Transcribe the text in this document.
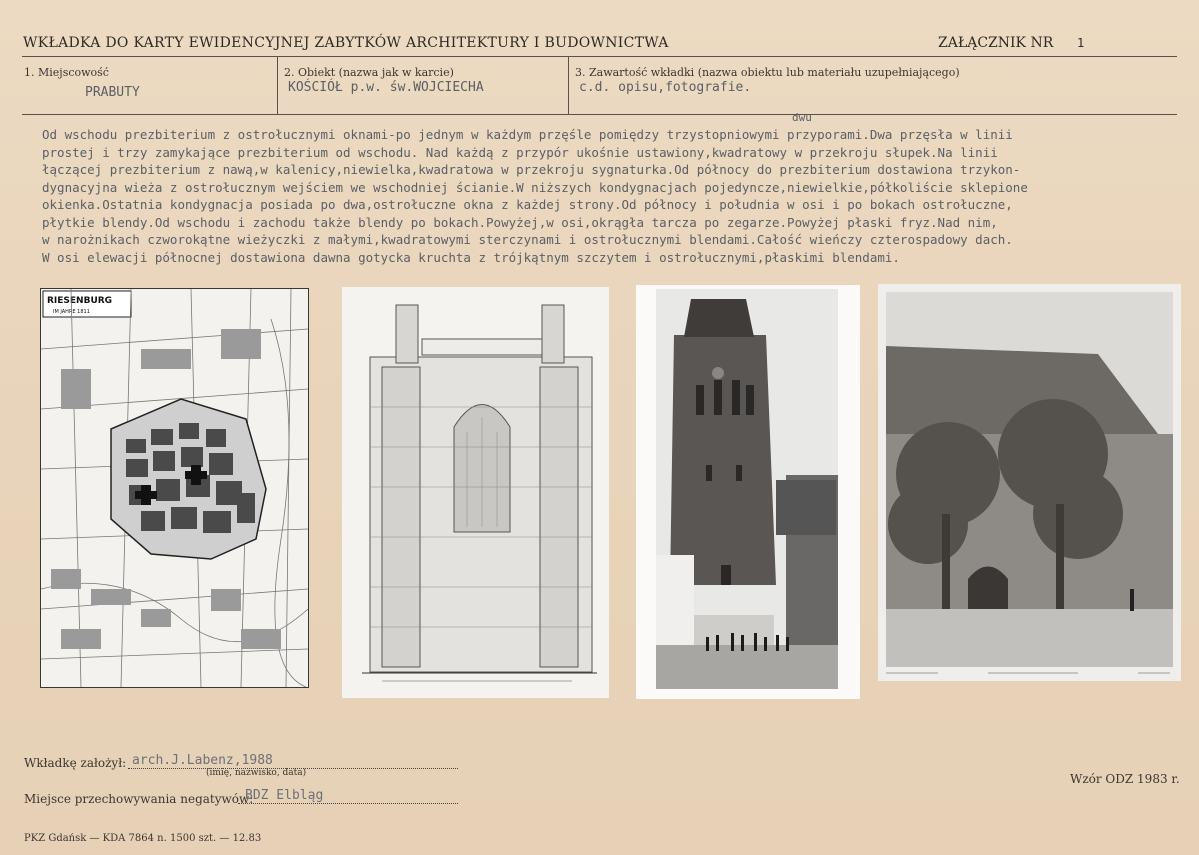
WKŁADKA DO KARTY EWIDENCYJNEJ ZABYTKÓW ARCHITEKTURY I BUDOWNICTWA	ZAŁĄCZNIK NR 1
1. Miejscowość
PRABUTY
2. Obiekt (nazwa jak w karcie)
KOŚCIÓŁ p.w. św.WOJCIECHA
3. Zawartość wkładki (nazwa obiektu lub materiału uzupełniającego)
c.d. opisu,fotografie.
dwu
Od wschodu prezbiterium z ostrołucznymi oknami-po jednym w każdym przęśle pomiędzy trzystopniowymi przyporami.Dwa przęsła w linii
prostej i trzy zamykające prezbiterium od wschodu. Nad każdą z przypór ukośnie ustawiony,kwadratowy w przekroju słupek.Na linii
łączącej prezbiterium z nawą,w kalenicy,niewielka,kwadratowa w przekroju sygnaturka.Od północy do prezbiterium dostawiona trzykon-
dygnacyjna wieża z ostrołucznym wejściem we wschodniej ścianie.W niższych kondygnacjach pojedyncze,niewielkie,półkoliście sklepione
okienka.Ostatnia kondygnacja posiada po dwa,ostrołuczne okna z każdej strony.Od północy i południa w osi i po bokach ostrołuczne,
płytkie blendy.Od wschodu i zachodu także blendy po bokach.Powyżej,w osi,okrągła tarcza po zegarze.Powyżej płaski fryz.Nad nim,
w narożnikach czworokątne wieżyczki z małymi,kwadratowymi sterczynami i ostrołucznymi blendami.Całość wieńczy czterospadowy dach.
W osi elewacji północnej dostawiona dawna gotycka kruchta z trójkątnym szczytem i ostrołucznymi,płaskimi blendami.
RIESENBURG
IM JAHRE 1811
Wkładkę założył: arch.J.Labenz,1988
(imię, nazwisko, data)
Miejsce przechowywania negatywów:
BDZ Elbląg
Wzór ODZ 1983 r.
PKZ Gdańsk — KDA 7864 n. 1500 szt. — 12.83
